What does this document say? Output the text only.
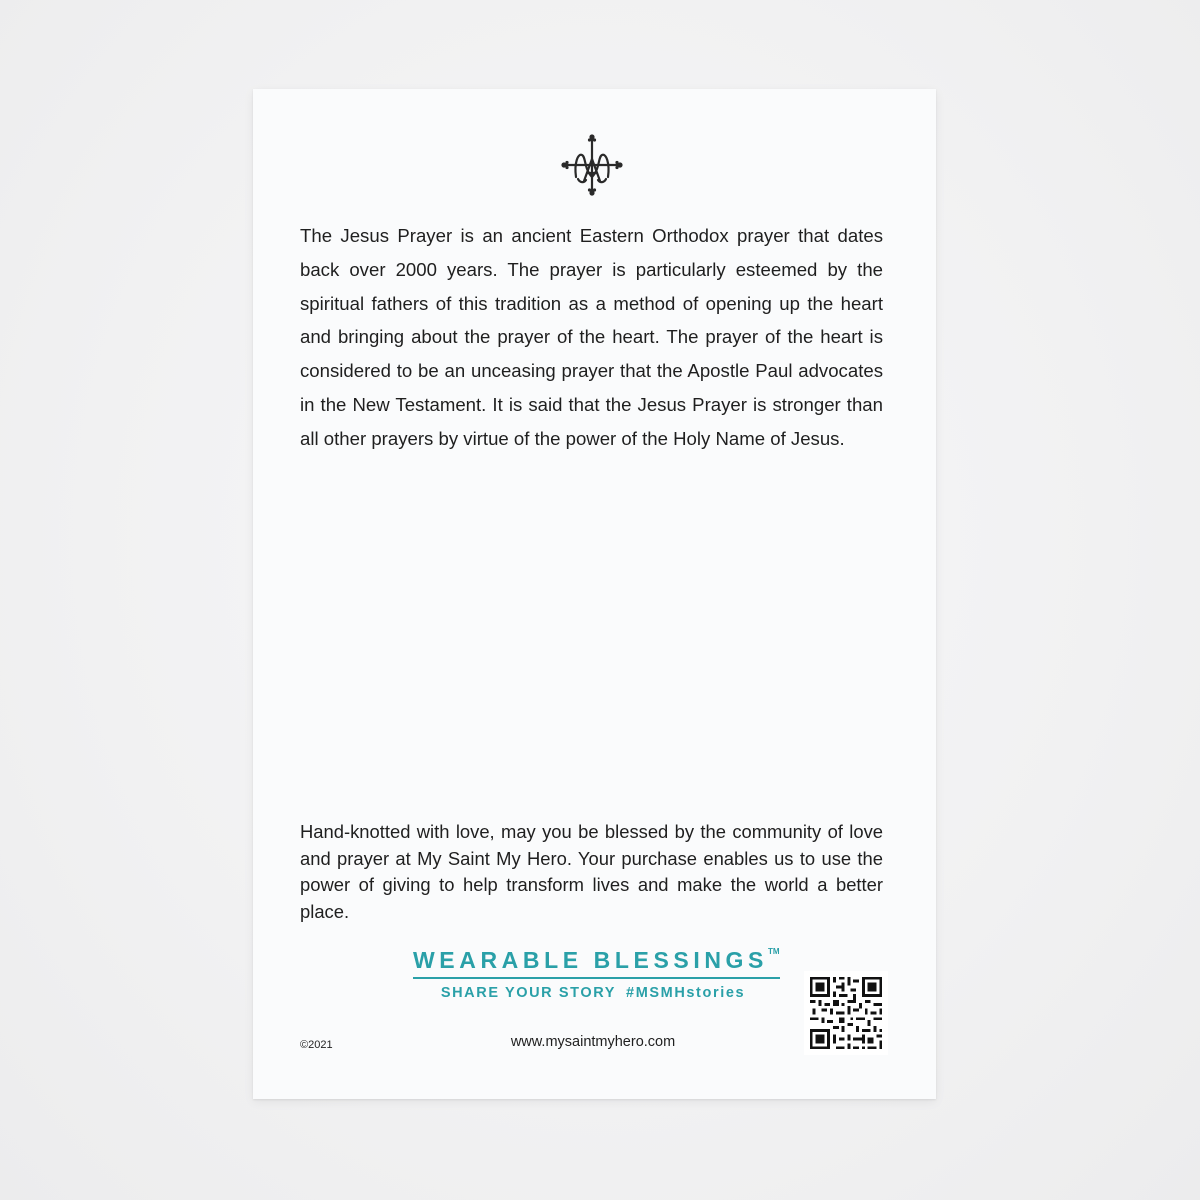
The Jesus Prayer is an ancient Eastern Orthodox prayer that dates back over 2000 years. The prayer is particularly esteemed by the spiritual fathers of this tradition as a method of opening up the heart and bringing about the prayer of the heart. The prayer of the heart is considered to be an unceasing prayer that the Apostle Paul advocates in the New Testament. It is said that the Jesus Prayer is stronger than all other prayers by virtue of the power of the Holy Name of Jesus.

Hand-knotted with love, may you be blessed by the community of love and prayer at My Saint My Hero. Your purchase enables us to use the power of giving to help transform lives and make the world a better place.

WEARABLE BLESSINGS™
SHARE YOUR STORY #MSMHstories
©2021	www.mysaintmyhero.com
